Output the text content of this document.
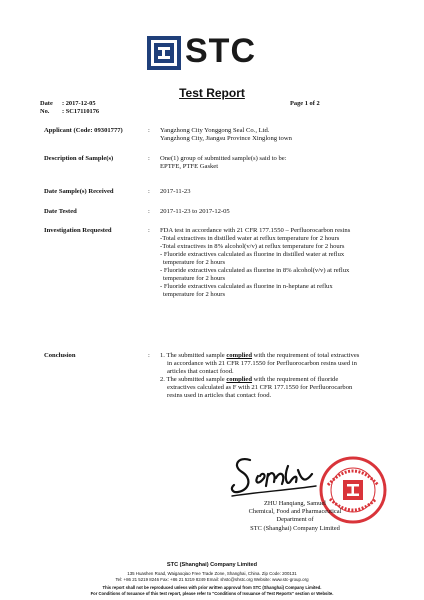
STC
Test Report
Date : 2017-12-05
No. : SC17110176
Page 1 of 2
Applicant (Code: 09301777)	: Yangzhong City Yonggong Seal Co., Ltd.
Yangzhong City, Jiangsu Province Xinglong town
Description of Sample(s)	: One(1) group of submitted sample(s) said to be:
EPTFE, PTFE Gasket
Date Sample(s) Received	: 2017-11-23
Date Tested	: 2017-11-23 to 2017-12-05
Investigation Requested	: FDA test in accordance with 21 CFR 177.1550 – Perfluorocarbon resins
-Total extractives in distilled water at reflux temperature for 2 hours
-Total extractives in 8% alcohol(v/v) at reflux temperature for 2 hours
- Fluoride extractives calculated as fluorine in distilled water at reflux
temperature for 2 hours
- Fluoride extractives calculated as fluorine in 8% alcohol(v/v) at reflux
temperature for 2 hours
- Fluoride extractives calculated as fluorine in n-heptane at reflux
temperature for 2 hours
Conclusion	: 1. The submitted sample complied with the requirement of total extractives
in accordance with 21 CFR 177.1550 for Perfluorocarbon resins used in
articles that contact food.
2. The submitted sample complied with the requirement of fluoride
extractives calculated as F with 21 CFR 177.1550 for Perfluorocarbon
resins used in articles that contact food.
ZHU Hanqiang, Samuel
Chemical, Food and Pharmaceutical
Department of
STC (Shanghai) Company Limited
STC (Shanghai) Company Limited
135 Huashen Road, Waigaoqiao Free Trade Zone, Shanghai, China. Zip Code: 200131
Tel: +86 21 5219 8246 Fax: +86 21 5219 8249 Email: shstc@shstc.org Website: www.stc-group.org
This report shall not be reproduced unless with prior written approval from STC (Shanghai) Company Limited.
For Conditions of Issuance of this test report, please refer to "Conditions of Issuance of Test Reports" section or Website.
